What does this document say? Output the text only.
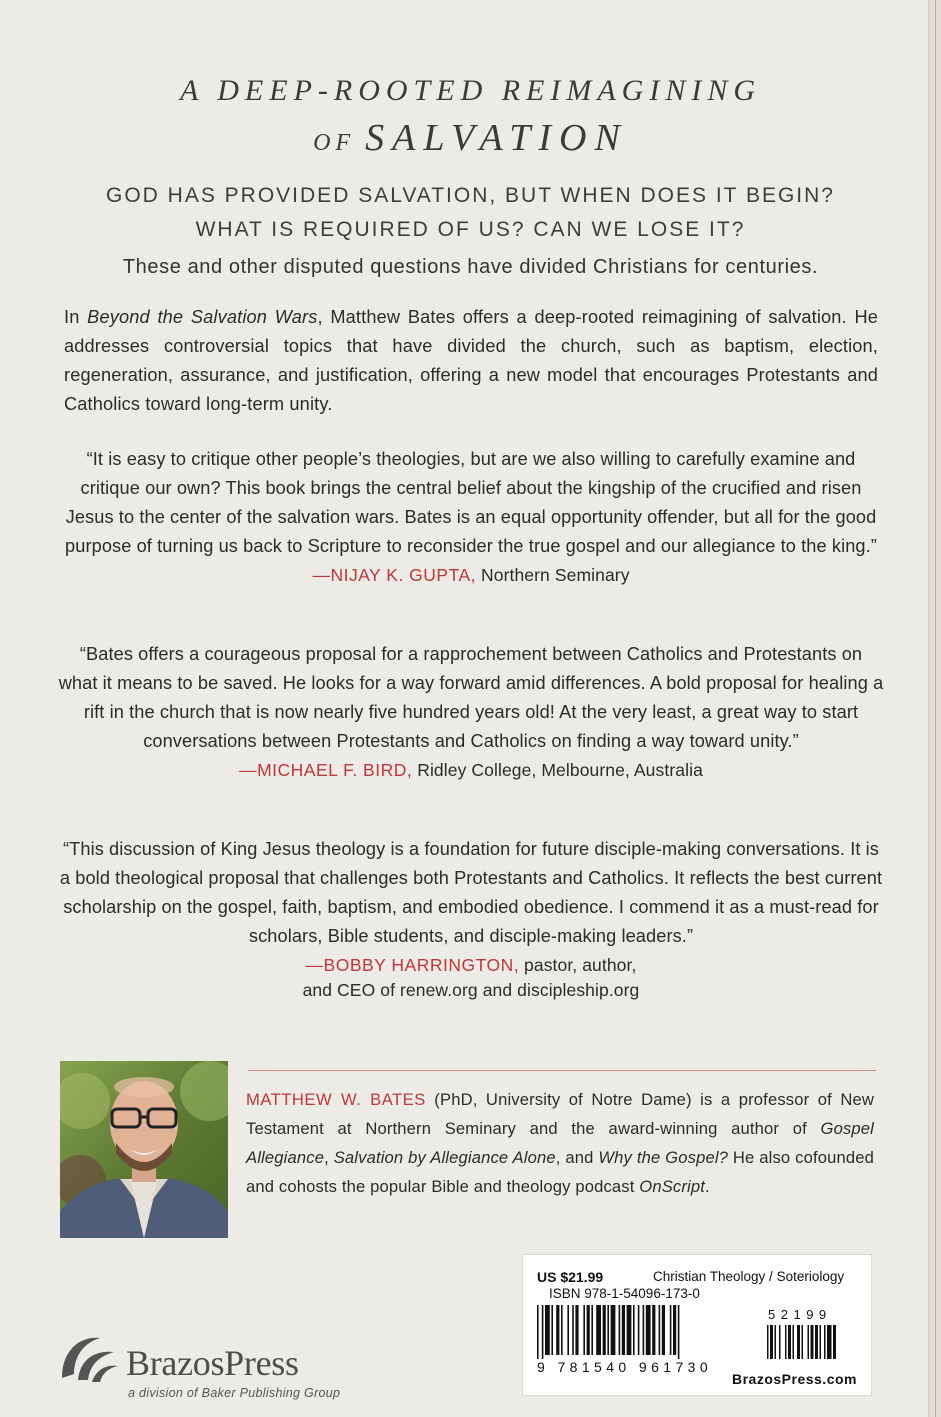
A DEEP-ROOTED REIMAGINING
OF SALVATION
GOD HAS PROVIDED SALVATION, BUT WHEN DOES IT BEGIN?
WHAT IS REQUIRED OF US? CAN WE LOSE IT?
These and other disputed questions have divided Christians for centuries.

In Beyond the Salvation Wars, Matthew Bates offers a deep-rooted reimagining of salvation. He addresses controversial topics that have divided the church, such as baptism, election, regeneration, assurance, and justification, offering a new model that encourages Protestants and Catholics toward long-term unity.

“It is easy to critique other people’s theologies, but are we also willing to carefully examine and critique our own? This book brings the central belief about the kingship of the crucified and risen Jesus to the center of the salvation wars. Bates is an equal opportunity offender, but all for the good purpose of turning us back to Scripture to reconsider the true gospel and our allegiance to the king.”

—NIJAY K. GUPTA, Northern Seminary

“Bates offers a courageous proposal for a rapprochement between Catholics and Protestants on what it means to be saved. He looks for a way forward amid differences. A bold proposal for healing a rift in the church that is now nearly five hundred years old! At the very least, a great way to start conversations between Protestants and Catholics on finding a way toward unity.”

—MICHAEL F. BIRD, Ridley College, Melbourne, Australia

“This discussion of King Jesus theology is a foundation for future disciple-making conversations. It is a bold theological proposal that challenges both Protestants and Catholics. It reflects the best current scholarship on the gospel, faith, baptism, and embodied obedience. I commend it as a must-read for scholars, Bible students, and disciple-making leaders.”

—BOBBY HARRINGTON, pastor, author,
and CEO of renew.org and discipleship.org

MATTHEW W. BATES (PhD, University of Notre Dame) is a professor of New Testament at Northern Seminary and the award-winning author of Gospel Allegiance, Salvation by Allegiance Alone, and Why the Gospel? He also cofounded and cohosts the popular Bible and theology podcast OnScript.

US $21.99	Christian Theology / Soteriology
ISBN 978-1-54096-173-0
52199
9 781540 961730
BrazosPress.com
BrazosPress
a division of Baker Publishing Group
